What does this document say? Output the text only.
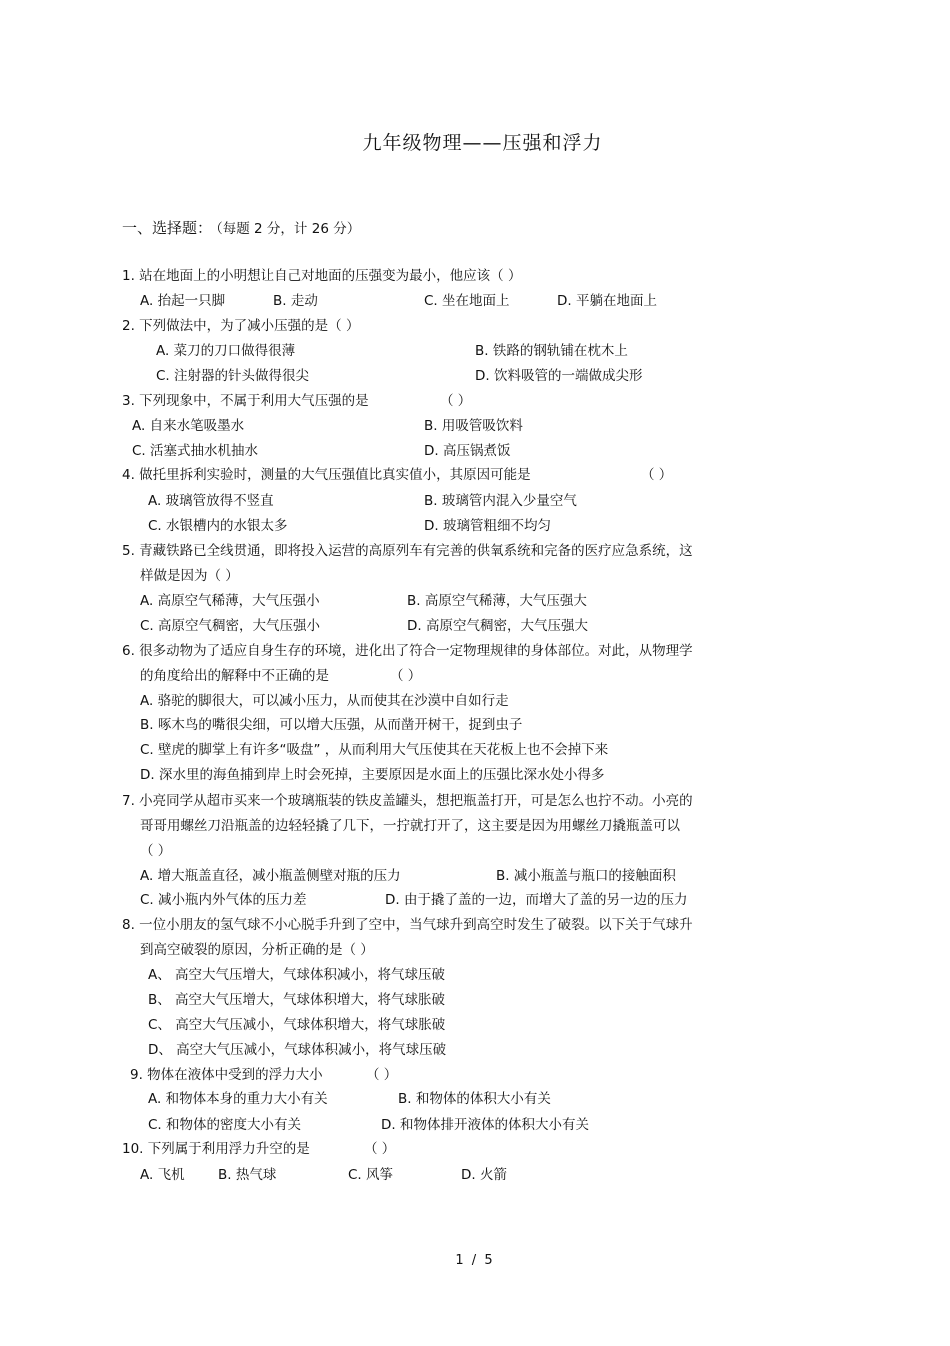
九年级物理——压强和浮力
一、选择题： （每题 2 分，计 26 分）
1. 站在地面上的小明想让自己对地面的压强变为最小，他应该（ ）
A. 抬起一只脚	B. 走动	C. 坐在地面上	D. 平躺在地面上
2. 下列做法中，为了减小压强的是（ ）
A. 菜刀的刀口做得很薄	B. 铁路的钢轨铺在枕木上
C. 注射器的针头做得很尖	D. 饮料吸管的一端做成尖形
3. 下列现象中，不属于利用大气压强的是	（ ）
A. 自来水笔吸墨水	B. 用吸管吸饮料
C. 活塞式抽水机抽水	D. 高压锅煮饭
4. 做托里拆利实验时，测量的大气压强值比真实值小，其原因可能是	（ ）
A. 玻璃管放得不竖直	B. 玻璃管内混入少量空气
C. 水银槽内的水银太多	D. 玻璃管粗细不均匀
5. 青藏铁路已全线贯通，即将投入运营的高原列车有完善的供氧系统和完备的医疗应急系统，这
样做是因为（ ）
A. 高原空气稀薄，大气压强小	B. 高原空气稀薄，大气压强大
C. 高原空气稠密，大气压强小	D. 高原空气稠密，大气压强大
6. 很多动物为了适应自身生存的环境，进化出了符合一定物理规律的身体部位。对此，从物理学
的角度给出的解释中不正确的是	（ ）
A. 骆驼的脚很大，可以减小压力，从而使其在沙漠中自如行走
B. 啄木鸟的嘴很尖细，可以增大压强，从而凿开树干，捉到虫子
C. 壁虎的脚掌上有许多“吸盘” ，从而利用大气压使其在天花板上也不会掉下来
D. 深水里的海鱼捕到岸上时会死掉，主要原因是水面上的压强比深水处小得多
7. 小亮同学从超市买来一个玻璃瓶装的铁皮盖罐头，想把瓶盖打开，可是怎么也拧不动。小亮的
哥哥用螺丝刀沿瓶盖的边轻轻撬了几下，一拧就打开了，这主要是因为用螺丝刀撬瓶盖可以
（ ）
A. 增大瓶盖直径，减小瓶盖侧壁对瓶的压力	B. 减小瓶盖与瓶口的接触面积
C. 减小瓶内外气体的压力差	D. 由于撬了盖的一边，而增大了盖的另一边的压力
8. 一位小朋友的氢气球不小心脱手升到了空中，当气球升到高空时发生了破裂。以下关于气球升
到高空破裂的原因，分析正确的是（ ）
A、 高空大气压增大，气球体积减小，将气球压破
B、 高空大气压增大，气球体积增大，将气球胀破
C、 高空大气压减小，气球体积增大，将气球胀破
D、 高空大气压减小，气球体积减小，将气球压破
9. 物体在液体中受到的浮力大小	（ ）
A. 和物体本身的重力大小有关	B. 和物体的体积大小有关
C. 和物体的密度大小有关	D. 和物体排开液体的体积大小有关
10. 下列属于利用浮力升空的是	（ ）
A. 飞机 B. 热气球	C. 风筝	D. 火箭
1 / 5
